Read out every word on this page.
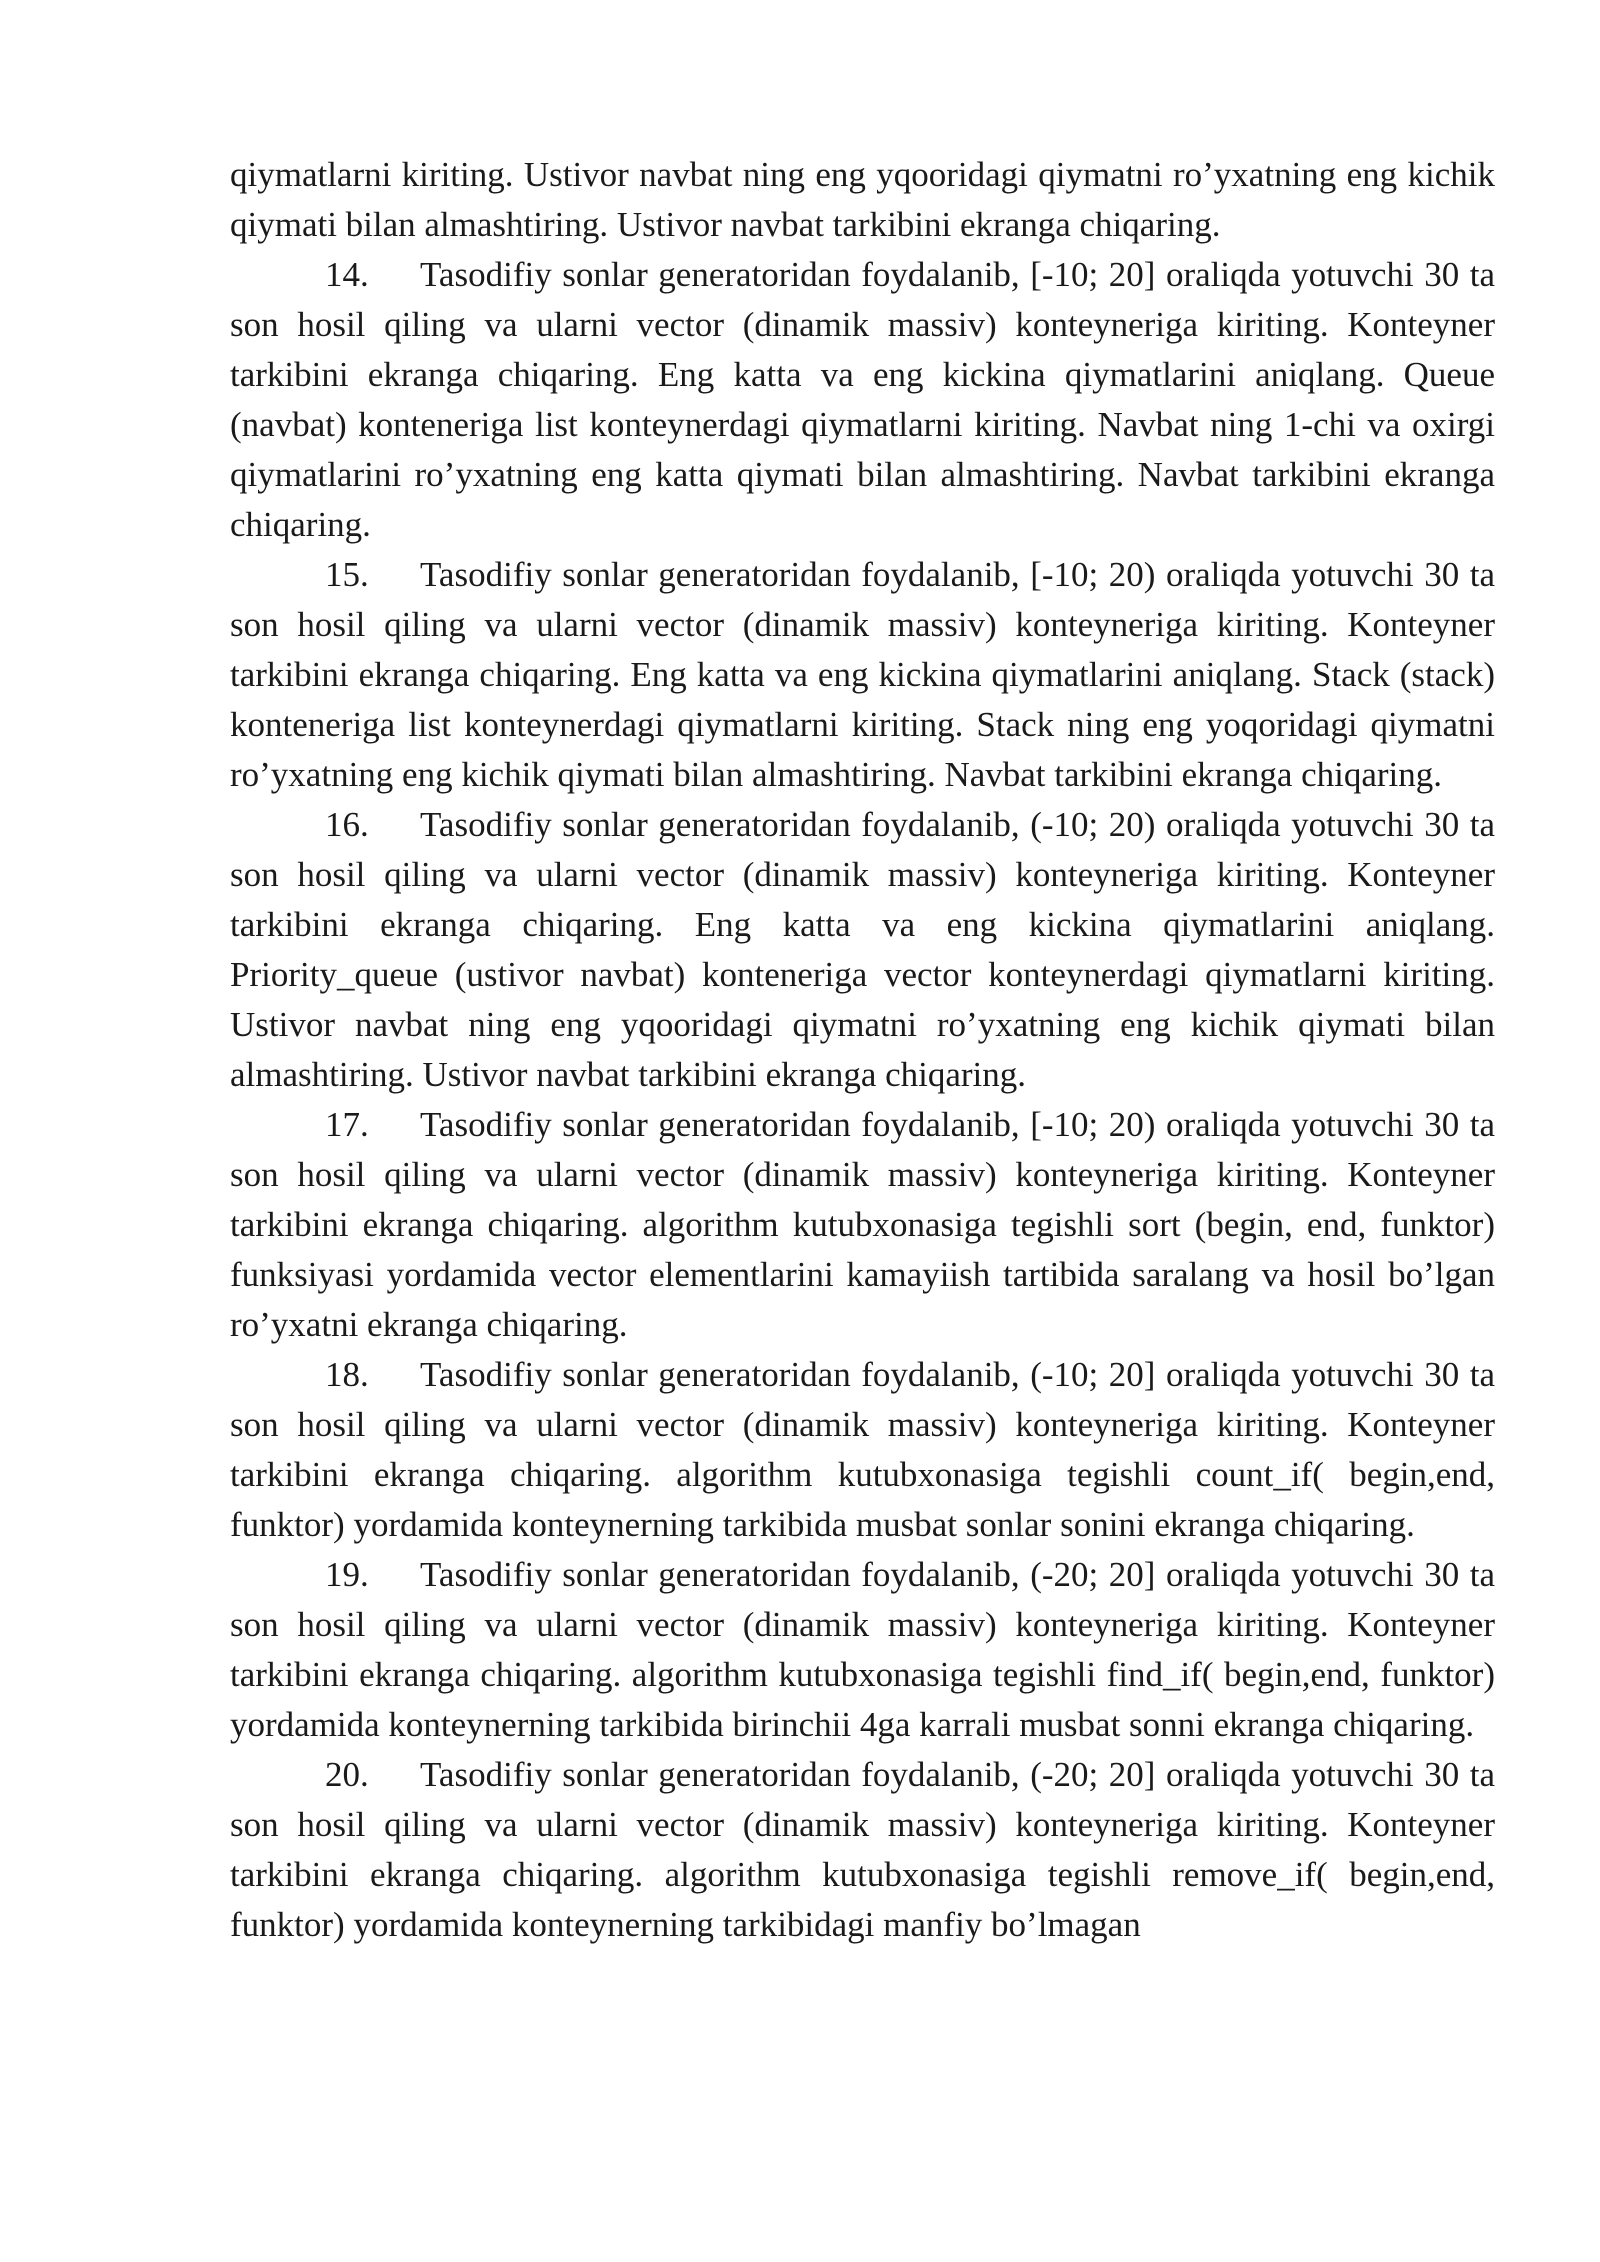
qiymatlarni kiriting. Ustivor navbat ning eng yqooridagi qiymatni ro’yxatning eng kichik qiymati bilan almashtiring. Ustivor navbat tarkibini ekranga chiqaring.

14. Tasodifiy sonlar generatoridan foydalanib, [-10; 20] oraliqda yotuvchi 30 ta son hosil qiling va ularni vector (dinamik massiv) konteyneriga kiriting. Konteyner tarkibini ekranga chiqaring. Eng katta va eng kickina qiymatlarini aniqlang. Queue (navbat) konteneriga list konteynerdagi qiymatlarni kiriting. Navbat ning 1-chi va oxirgi qiymatlarini ro’yxatning eng katta qiymati bilan almashtiring. Navbat tarkibini ekranga chiqaring.

15. Tasodifiy sonlar generatoridan foydalanib, [-10; 20) oraliqda yotuvchi 30 ta son hosil qiling va ularni vector (dinamik massiv) konteyneriga kiriting. Konteyner tarkibini ekranga chiqaring. Eng katta va eng kickina qiymatlarini aniqlang. Stack (stack) konteneriga list konteynerdagi qiymatlarni kiriting. Stack ning eng yoqoridagi qiymatni ro’yxatning eng kichik qiymati bilan almashtiring. Navbat tarkibini ekranga chiqaring.

16. Tasodifiy sonlar generatoridan foydalanib, (-10; 20) oraliqda yotuvchi 30 ta son hosil qiling va ularni vector (dinamik massiv) konteyneriga kiriting. Konteyner tarkibini ekranga chiqaring. Eng katta va eng kickina qiymatlarini aniqlang. Priority_queue (ustivor navbat) konteneriga vector konteynerdagi qiymatlarni kiriting. Ustivor navbat ning eng yqooridagi qiymatni ro’yxatning eng kichik qiymati bilan almashtiring. Ustivor navbat tarkibini ekranga chiqaring.

17. Tasodifiy sonlar generatoridan foydalanib, [-10; 20) oraliqda yotuvchi 30 ta son hosil qiling va ularni vector (dinamik massiv) konteyneriga kiriting. Konteyner tarkibini ekranga chiqaring. algorithm kutubxonasiga tegishli sort (begin, end, funktor) funksiyasi yordamida vector elementlarini kamayiish tartibida saralang va hosil bo’lgan ro’yxatni ekranga chiqaring.

18. Tasodifiy sonlar generatoridan foydalanib, (-10; 20] oraliqda yotuvchi 30 ta son hosil qiling va ularni vector (dinamik massiv) konteyneriga kiriting. Konteyner tarkibini ekranga chiqaring. algorithm kutubxonasiga tegishli count_if( begin,end, funktor) yordamida konteynerning tarkibida musbat sonlar sonini ekranga chiqaring.

19. Tasodifiy sonlar generatoridan foydalanib, (-20; 20] oraliqda yotuvchi 30 ta son hosil qiling va ularni vector (dinamik massiv) konteyneriga kiriting. Konteyner tarkibini ekranga chiqaring. algorithm kutubxonasiga tegishli find_if( begin,end, funktor) yordamida konteynerning tarkibida birinchii 4ga karrali musbat sonni ekranga chiqaring.

20. Tasodifiy sonlar generatoridan foydalanib, (-20; 20] oraliqda yotuvchi 30 ta son hosil qiling va ularni vector (dinamik massiv) konteyneriga kiriting. Konteyner tarkibini ekranga chiqaring. algorithm kutubxonasiga tegishli remove_if( begin,end, funktor) yordamida konteynerning tarkibidagi manfiy bo’lmagan
